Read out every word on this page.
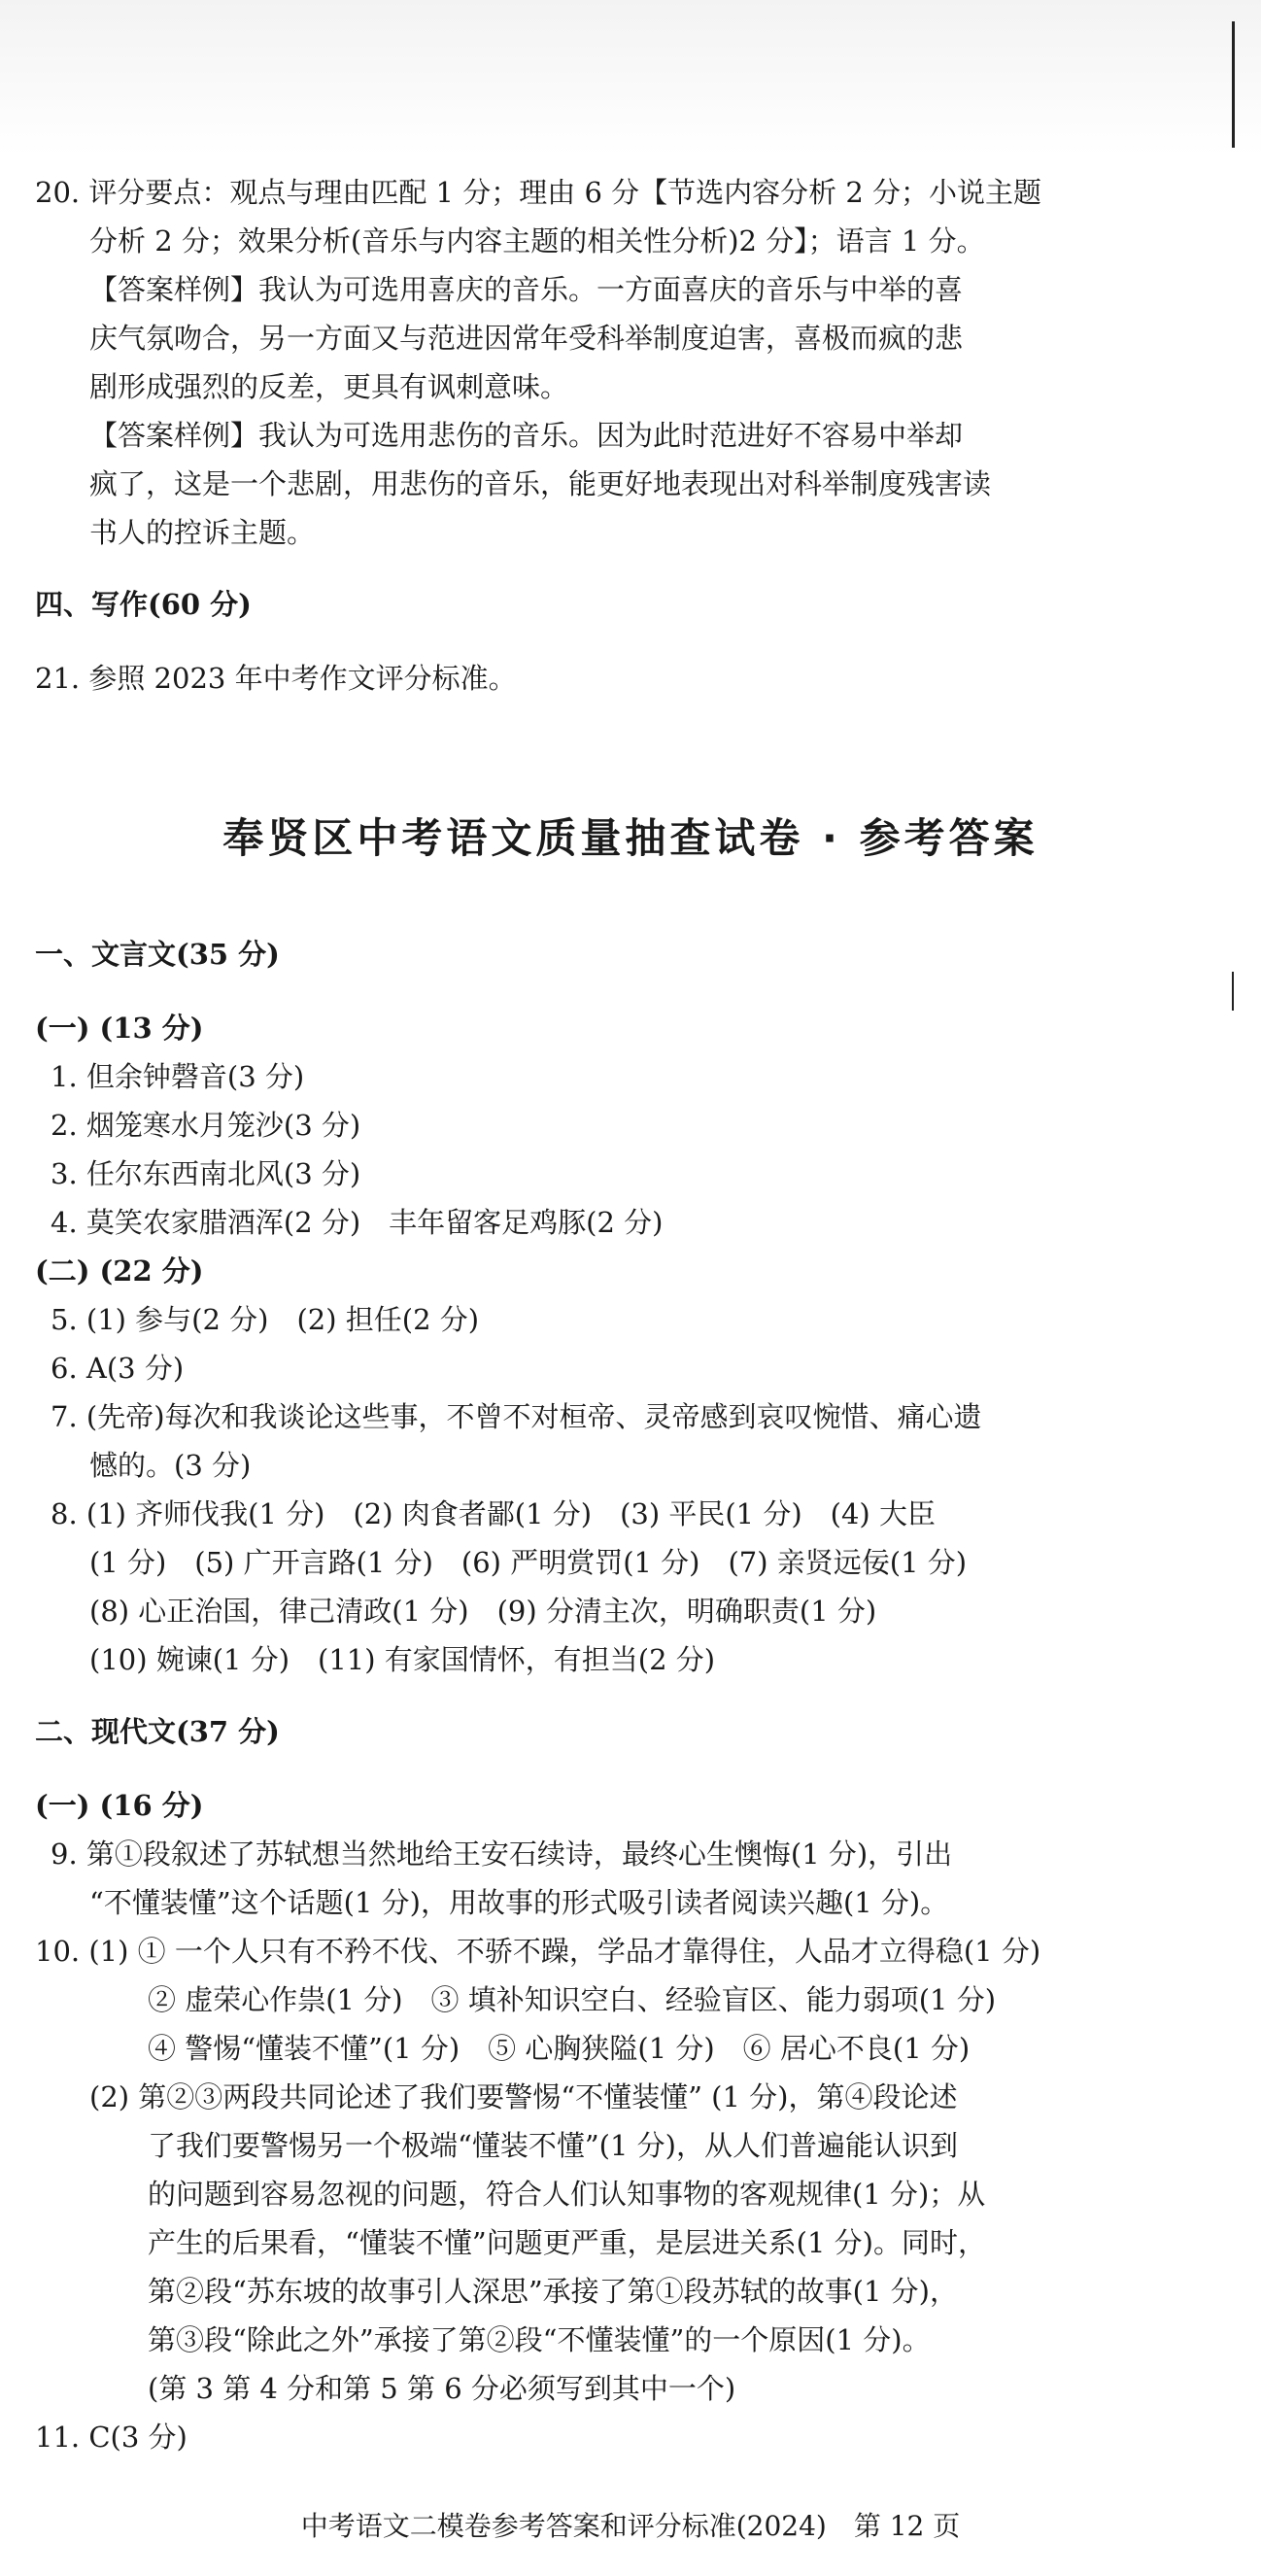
20. 评分要点：观点与理由匹配 1 分；理由 6 分【节选内容分析 2 分；小说主题
分析 2 分；效果分析(音乐与内容主题的相关性分析)2 分】；语言 1 分。
【答案样例】我认为可选用喜庆的音乐。一方面喜庆的音乐与中举的喜
庆气氛吻合，另一方面又与范进因常年受科举制度迫害，喜极而疯的悲
剧形成强烈的反差，更具有讽刺意味。
【答案样例】我认为可选用悲伤的音乐。因为此时范进好不容易中举却
疯了，这是一个悲剧，用悲伤的音乐，能更好地表现出对科举制度残害读
书人的控诉主题。
四、写作(60 分)
21. 参照 2023 年中考作文评分标准。
奉贤区中考语文质量抽查试卷 · 参考答案
一、文言文(35 分)
(一) (13 分)
1. 但余钟磬音(3 分)
2. 烟笼寒水月笼沙(3 分)
3. 任尔东西南北风(3 分)
4. 莫笑农家腊酒浑(2 分)　丰年留客足鸡豚(2 分)
(二) (22 分)
5. (1) 参与(2 分)　(2) 担任(2 分)
6. A(3 分)
7. (先帝)每次和我谈论这些事，不曾不对桓帝、灵帝感到哀叹惋惜、痛心遗
憾的。(3 分)
8. (1) 齐师伐我(1 分)　(2) 肉食者鄙(1 分)　(3) 平民(1 分)　(4) 大臣
(1 分)　(5) 广开言路(1 分)　(6) 严明赏罚(1 分)　(7) 亲贤远佞(1 分)
(8) 心正治国，律己清政(1 分)　(9) 分清主次，明确职责(1 分)
(10) 婉谏(1 分)　(11) 有家国情怀，有担当(2 分)
二、现代文(37 分)
(一) (16 分)
9. 第①段叙述了苏轼想当然地给王安石续诗，最终心生懊悔(1 分)，引出
“不懂装懂”这个话题(1 分)，用故事的形式吸引读者阅读兴趣(1 分)。
10. (1) ① 一个人只有不矜不伐、不骄不躁，学品才靠得住，人品才立得稳(1 分)
② 虚荣心作祟(1 分)　③ 填补知识空白、经验盲区、能力弱项(1 分)
④ 警惕“懂装不懂”(1 分)　⑤ 心胸狭隘(1 分)　⑥ 居心不良(1 分)
(2) 第②③两段共同论述了我们要警惕“不懂装懂” (1 分)，第④段论述
了我们要警惕另一个极端“懂装不懂”(1 分)，从人们普遍能认识到
的问题到容易忽视的问题，符合人们认知事物的客观规律(1 分)；从
产生的后果看，“懂装不懂”问题更严重，是层进关系(1 分)。同时，
第②段“苏东坡的故事引人深思”承接了第①段苏轼的故事(1 分)，
第③段“除此之外”承接了第②段“不懂装懂”的一个原因(1 分)。
(第 3 第 4 分和第 5 第 6 分必须写到其中一个)
11. C(3 分)
中考语文二模卷参考答案和评分标准(2024)　第 12 页
